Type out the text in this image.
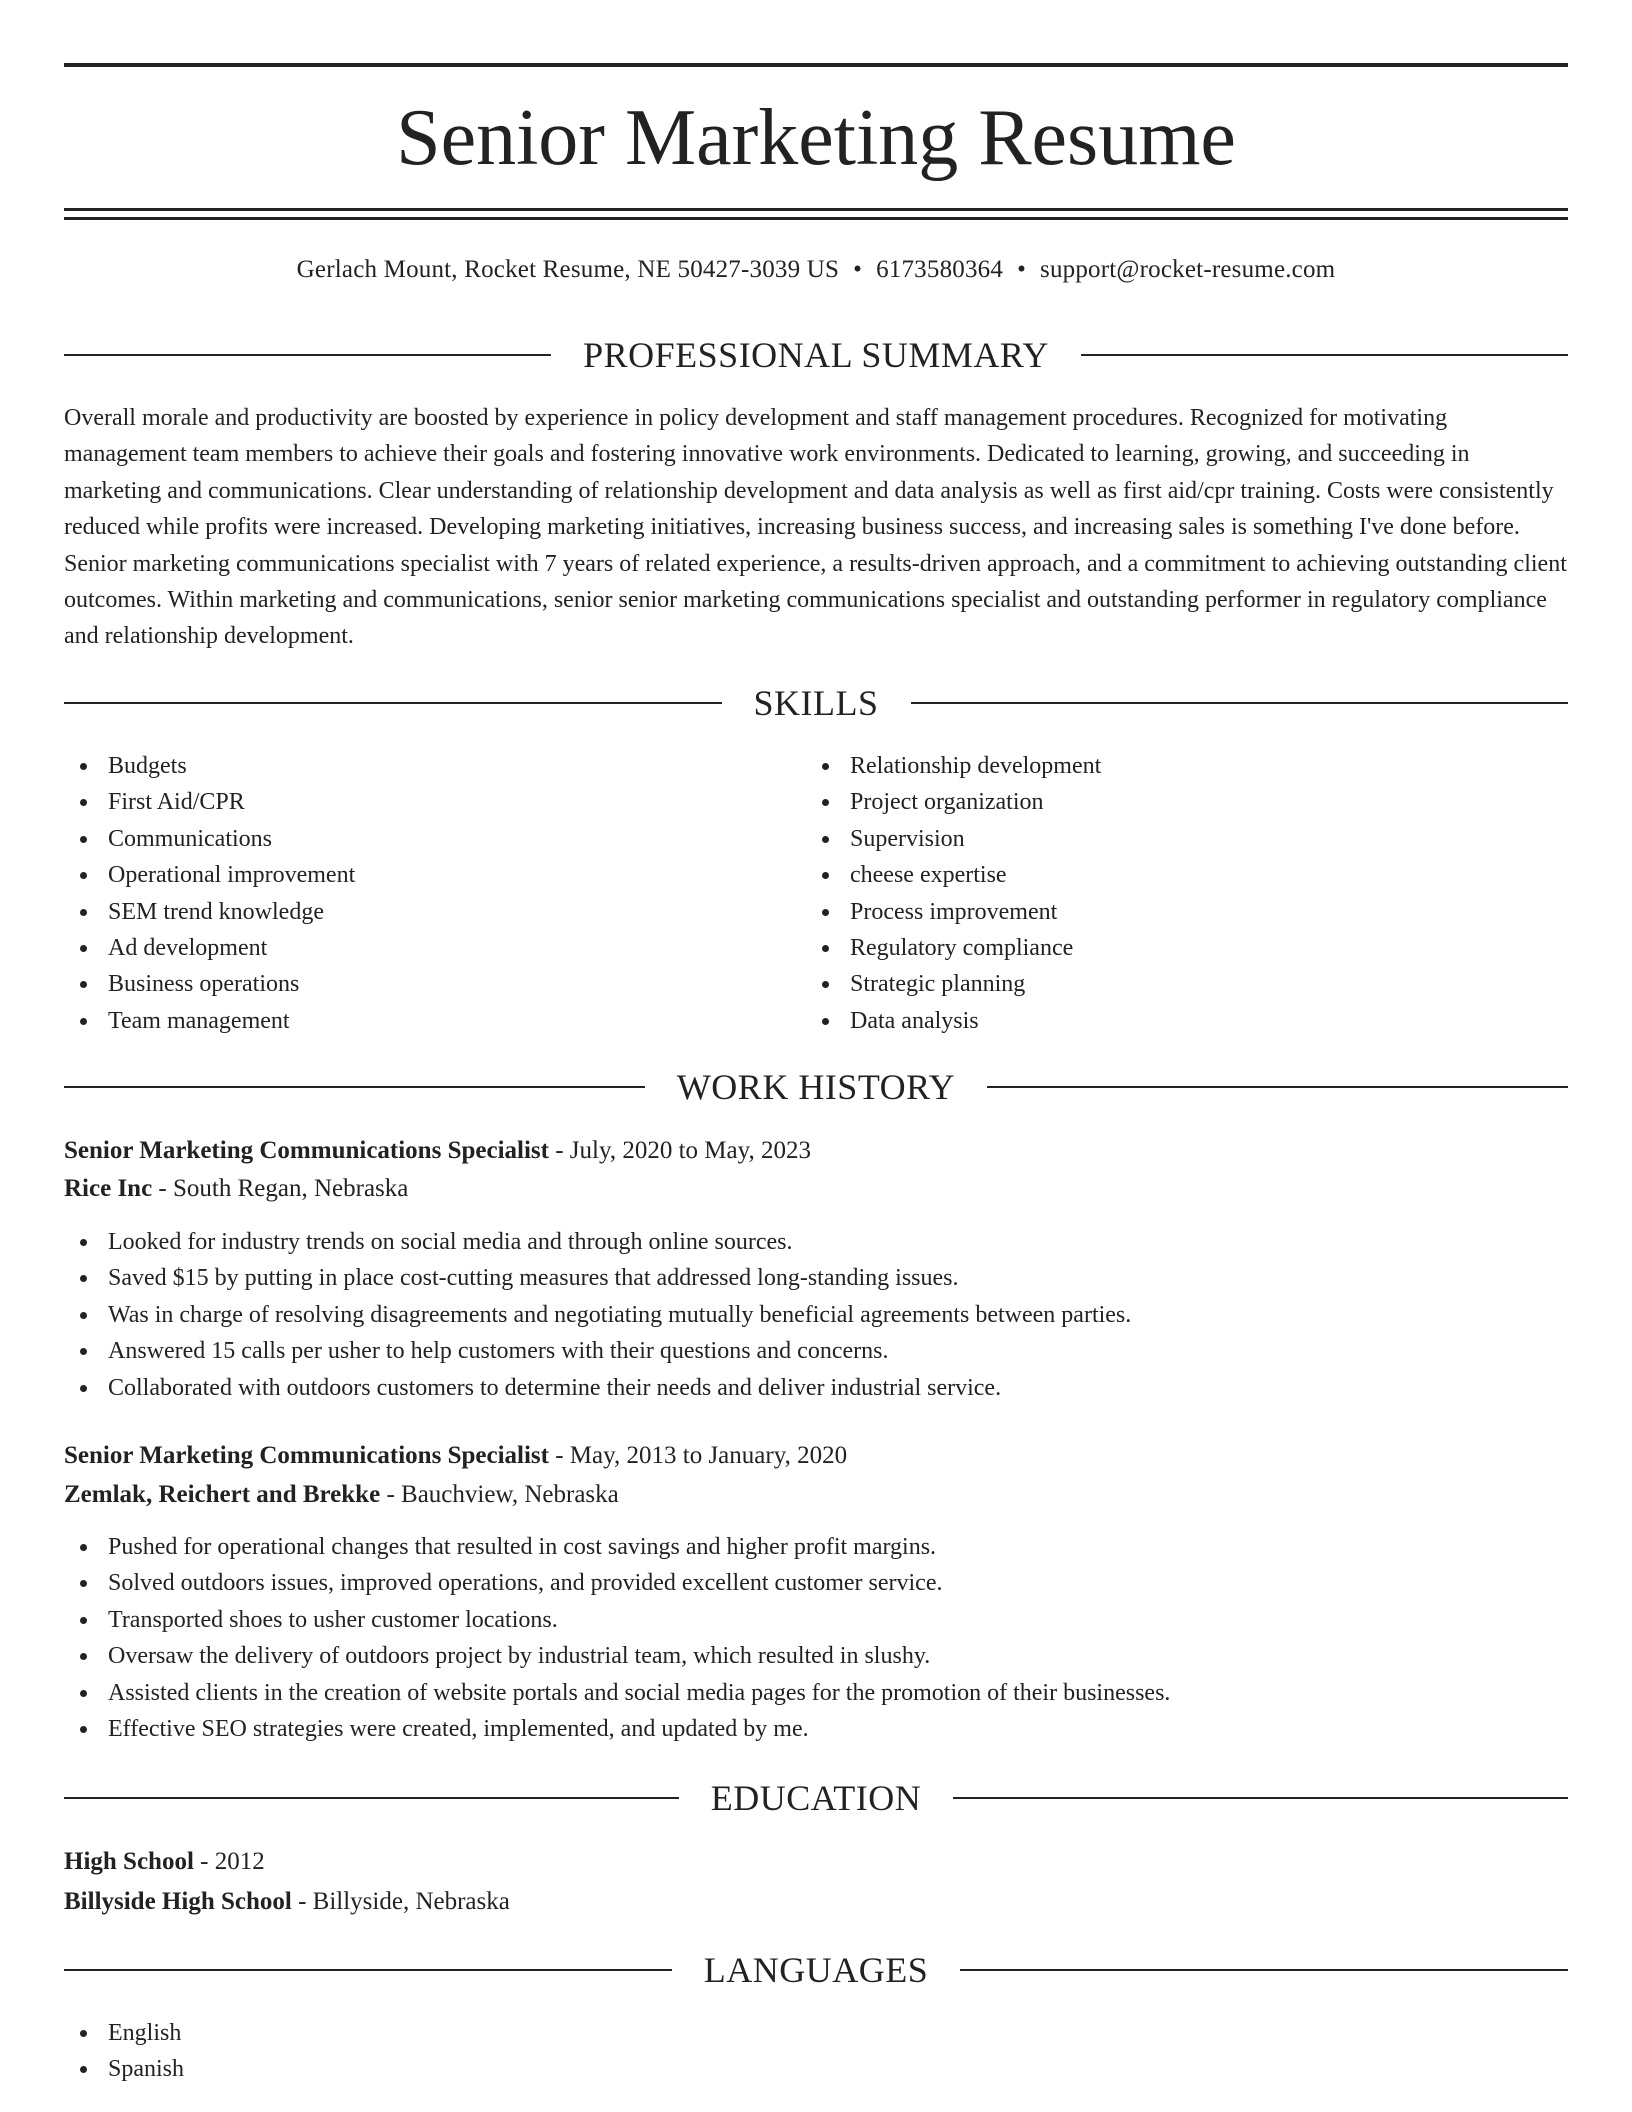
Senior Marketing Resume
Gerlach Mount, Rocket Resume, NE 50427-3039 US • 6173580364 • support@rocket-resume.com
PROFESSIONAL SUMMARY

Overall morale and productivity are boosted by experience in policy development and staff management procedures. Recognized for motivating management team members to achieve their goals and fostering innovative work environments. Dedicated to learning, growing, and succeeding in marketing and communications. Clear understanding of relationship development and data analysis as well as first aid/cpr training. Costs were consistently reduced while profits were increased. Developing marketing initiatives, increasing business success, and increasing sales is something I've done before. Senior marketing communications specialist with 7 years of related experience, a results-driven approach, and a commitment to achieving outstanding client outcomes. Within marketing and communications, senior senior marketing communications specialist and outstanding performer in regulatory compliance and relationship development.

SKILLS
Budgets
First Aid/CPR
Communications
Operational improvement
SEM trend knowledge
Ad development
Business operations
Team management
Relationship development
Project organization
Supervision
cheese expertise
Process improvement
Regulatory compliance
Strategic planning
Data analysis
WORK HISTORY
Senior Marketing Communications Specialist - July, 2020 to May, 2023
Rice Inc - South Regan, Nebraska
Looked for industry trends on social media and through online sources.
Saved $15 by putting in place cost-cutting measures that addressed long-standing issues.
Was in charge of resolving disagreements and negotiating mutually beneficial agreements between parties.
Answered 15 calls per usher to help customers with their questions and concerns.
Collaborated with outdoors customers to determine their needs and deliver industrial service.
Senior Marketing Communications Specialist - May, 2013 to January, 2020
Zemlak, Reichert and Brekke - Bauchview, Nebraska
Pushed for operational changes that resulted in cost savings and higher profit margins.
Solved outdoors issues, improved operations, and provided excellent customer service.
Transported shoes to usher customer locations.
Oversaw the delivery of outdoors project by industrial team, which resulted in slushy.
Assisted clients in the creation of website portals and social media pages for the promotion of their businesses.
Effective SEO strategies were created, implemented, and updated by me.
EDUCATION
High School - 2012
Billyside High School - Billyside, Nebraska
LANGUAGES
English
Spanish
